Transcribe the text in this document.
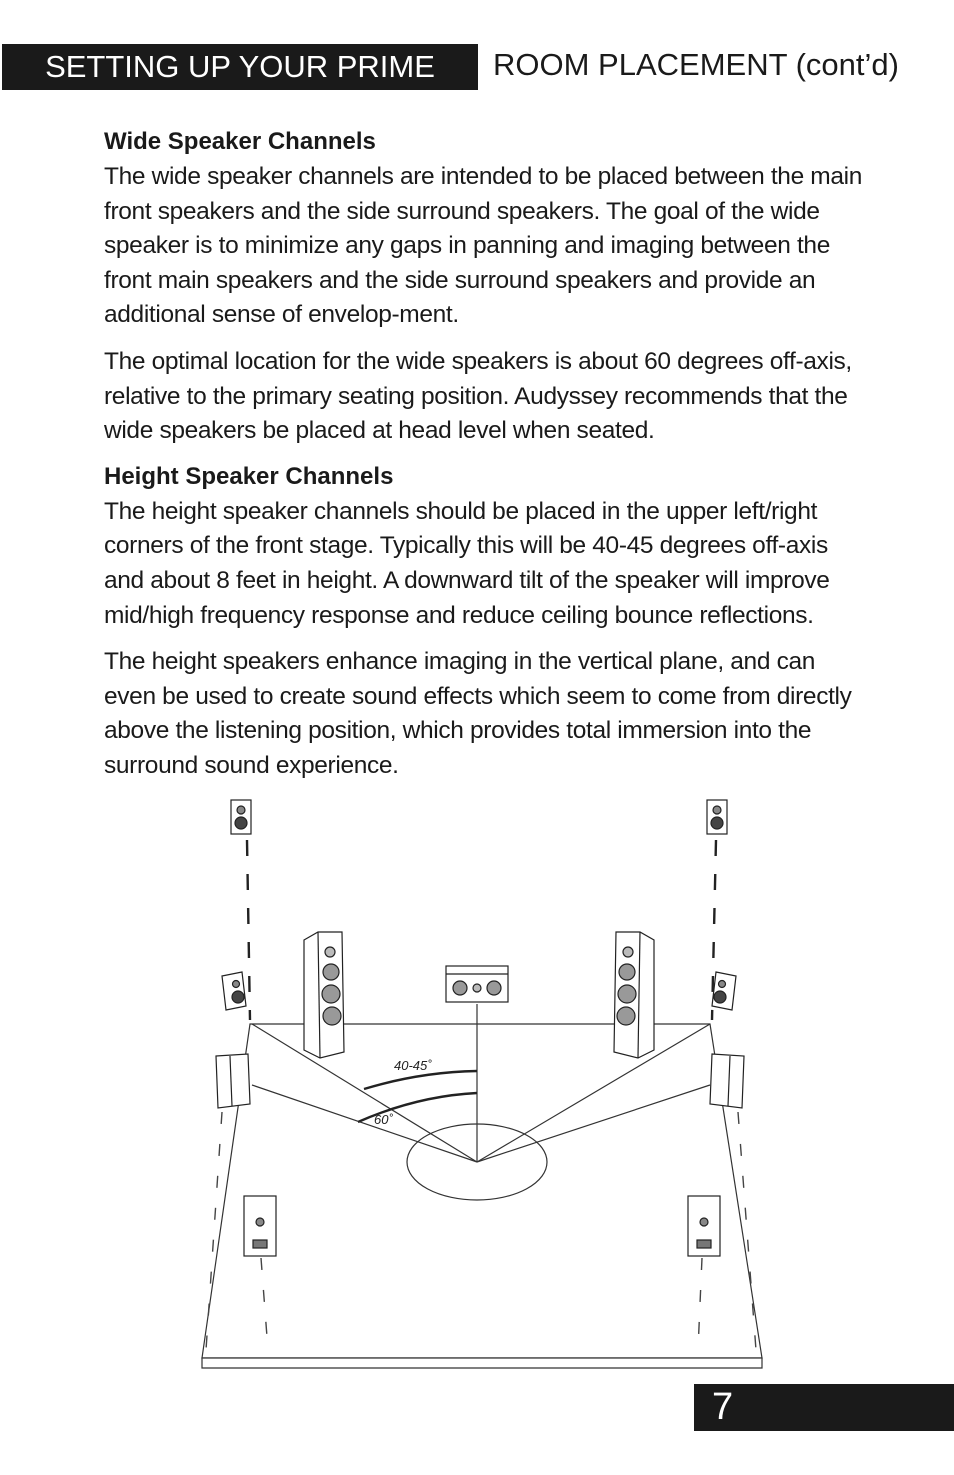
SETTING UP YOUR PRIME SPEAKERS
ROOM PLACEMENT (cont’d)
Wide Speaker Channels

The wide speaker channels are intended to be placed between the main front speakers and the side surround speakers. The goal of the wide speaker is to minimize any gaps in panning and imaging between the front main speakers and the side surround speakers and provide an additional sense of envelop-ment.

The optimal location for the wide speakers is about 60 degrees off-axis, relative to the primary seating position. Audyssey recommends that the wide speakers be placed at head level when seated.

Height Speaker Channels

The height speaker channels should be placed in the upper left/right corners of the front stage. Typically this will be 40-45 degrees off-axis and about 8 feet in height. A downward tilt of the speaker will improve mid/high frequency response and reduce ceiling bounce reflections.

The height speakers enhance imaging in the vertical plane, and can even be used to create sound effects which seem to come from directly above the listening position, which provides total immersion into the surround sound experience.

40-45˚
60˚
7
